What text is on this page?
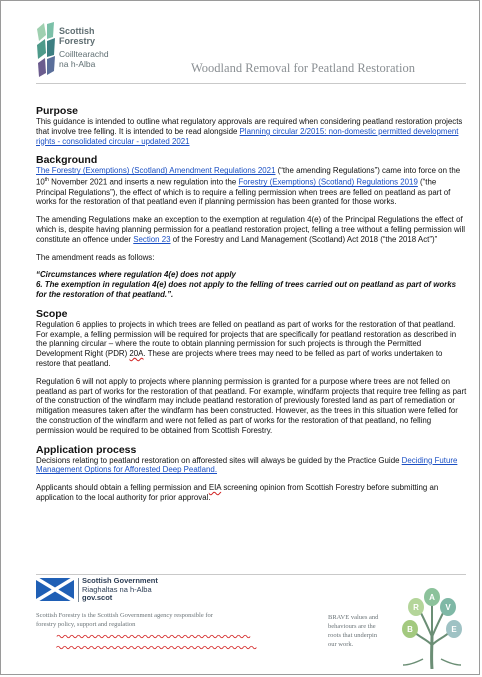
Scottish
Forestry
Coilltearachd
na h-Alba	Woodland Removal for Peatland Restoration
Purpose

This guidance is intended to outline what regulatory approvals are required when considering peatland restoration projects that involve tree felling. It is intended to be read alongside Planning circular 2/2015: non-domestic permitted development rights - consolidated circular - updated 2021

Background

The Forestry (Exemptions) (Scotland) Amendment Regulations 2021 (“the amending Regulations”) came into force on the 10th November 2021 and inserts a new regulation into the Forestry (Exemptions) (Scotland) Regulations 2019 (“the Principal Regulations”), the effect of which is to require a felling permission when trees are felled on peatland as part of works for the restoration of that peatland even if planning permission has been granted for those works.

The amending Regulations make an exception to the exemption at regulation 4(e) of the Principal Regulations the effect of which is, despite having planning permission for a peatland restoration project, felling a tree without a felling permission will constitute an offence under Section 23 of the Forestry and Land Management (Scotland) Act 2018 (“the 2018 Act”)”

The amendment reads as follows:

“Circumstances where regulation 4(e) does not apply
6. The exemption in regulation 4(e) does not apply to the felling of trees carried out on peatland as part of works for the restoration of that peatland.”.

Scope

Regulation 6 applies to projects in which trees are felled on peatland as part of works for the restoration of that peatland. For example, a felling permission will be required for projects that are specifically for peatland restoration as described in the planning circular – where the route to obtain planning permission for such projects is through the Permitted Development Right (PDR) 20A. These are projects where trees may need to be felled as part of works undertaken to restore that peatland.

Regulation 6 will not apply to projects where planning permission is granted for a purpose where trees are not felled on peatland as part of works for the restoration of that peatland. For example, windfarm projects that require tree felling as part of the construction of the windfarm may include peatland restoration of previously forested land as part of remediation or mitigation measures taken after the windfarm has been constructed. However, as the trees in this situation were felled for the construction of the windfarm and were not felled as part of works for the restoration of that peatland, no felling permission would be required to be obtained from Scottish Forestry.

Application process

Decisions relating to peatland restoration on afforested sites will always be guided by the Practice Guide Deciding Future Management Options for Afforested Deep Peatland.

Applicants should obtain a felling permission and EIA screening opinion from Scottish Forestry before submitting an application to the local authority for prior approval.

Scottish Government
Riaghaltas na h-Alba
gov.scot
Scottish Forestry is the Scottish Government agency responsible for
forestry policy, support and regulation
BRAVE values and
behaviours are the
roots that underpin
our work.
A
R	V
B	E
